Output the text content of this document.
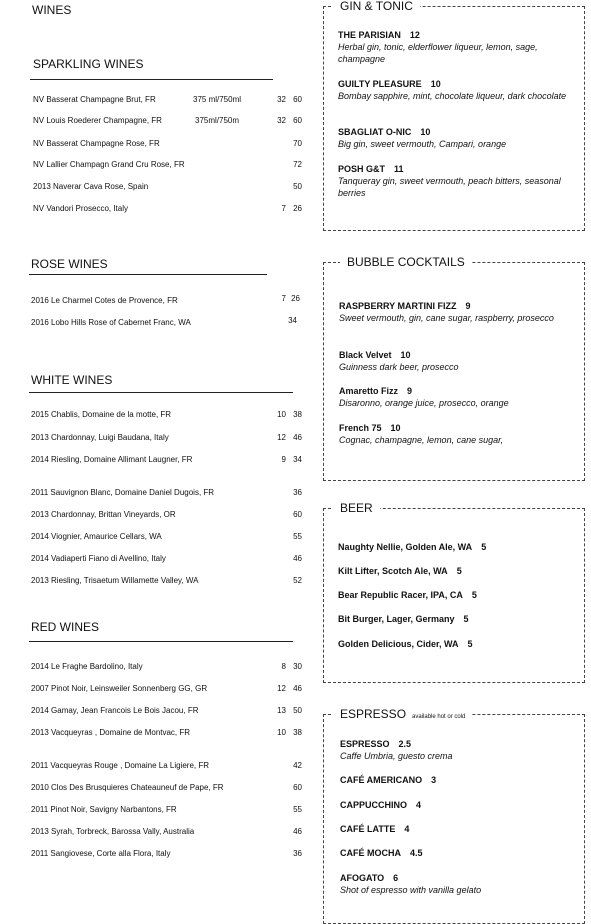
WINES
SPARKLING WINES
NV Basserat Champagne Brut, FR	375 ml/750ml	32 60
NV Louis Roederer Champagne, FR	375ml/750m	32 60
NV Basserat Champagne Rose, FR	70
NV Lallier Champagn Grand Cru Rose, FR	72
2013 Naverar Cava Rose, Spain	50
NV Vandori Prosecco, Italy	7 26
ROSE WINES
2016 Le Charmel Cotes de Provence, FR	7 26
2016 Lobo Hills Rose of Cabernet Franc, WA	34
WHITE WINES
2015 Chablis, Domaine de la motte, FR	10 38
2013 Chardonnay, Luigi Baudana, Italy	12 46
2014 Riesling, Domaine Allimant Laugner, FR	9 34
2011 Sauvignon Blanc, Domaine Daniel Dugois, FR	36
2013 Chardonnay, Brittan Vineyards, OR	60
2014 Viognier, Amaurice Cellars, WA	55
2014 Vadiaperti Fiano di Avellino, Italy	46
2013 Riesling, Trisaetum Willamette Valley, WA	52
RED WINES
2014 Le Fraghe Bardolino, Italy	8 30
2007 Pinot Noir, Leinsweiler Sonnenberg GG, GR	12 46
2014 Gamay, Jean Francois Le Bois Jacou, FR	13 50
2013 Vacqueyras , Domaine de Montvac, FR	10 38
2011 Vacqueyras Rouge , Domaine La Ligiere, FR	42
2010 Clos Des Brusquieres Chateauneuf de Pape, FR	60
2011 Pinot Noir, Savigny Narbantons, FR	55
2013 Syrah, Torbreck, Barossa Vally, Australia	46
2011 Sangiovese, Corte alla Flora, Italy	36
GIN & TONIC
THE PARISIAN 12
Herbal gin, tonic, elderflower liqueur, lemon, sage, champagne
GUILTY PLEASURE 10
Bombay sapphire, mint, chocolate liqueur, dark chocolate
SBAGLIAT O-NIC 10
Big gin, sweet vermouth, Campari, orange
POSH G&T 11
Tanqueray gin, sweet vermouth, peach bitters, seasonal berries
BUBBLE COCKTAILS
RASPBERRY MARTINI FIZZ 9
Sweet vermouth, gin, cane sugar, raspberry, prosecco
Black Velvet 10
Guinness dark beer, prosecco
Amaretto Fizz 9
Disaronno, orange juice, prosecco, orange
French 75 10
Cognac, champagne, lemon, cane sugar,
BEER
Naughty Nellie, Golden Ale, WA 5
Kilt Lifter, Scotch Ale, WA 5
Bear Republic Racer, IPA, CA 5
Bit Burger, Lager, Germany 5
Golden Delicious, Cider, WA 5
ESPRESSO available hot or cold
ESPRESSO 2.5
Caffe Umbria, guesto crema
CAFÉ AMERICANO 3
CAPPUCCHINO 4
CAFÉ LATTE 4
CAFÉ MOCHA 4.5
AFOGATO 6
Shot of espresso with vanilla gelato
